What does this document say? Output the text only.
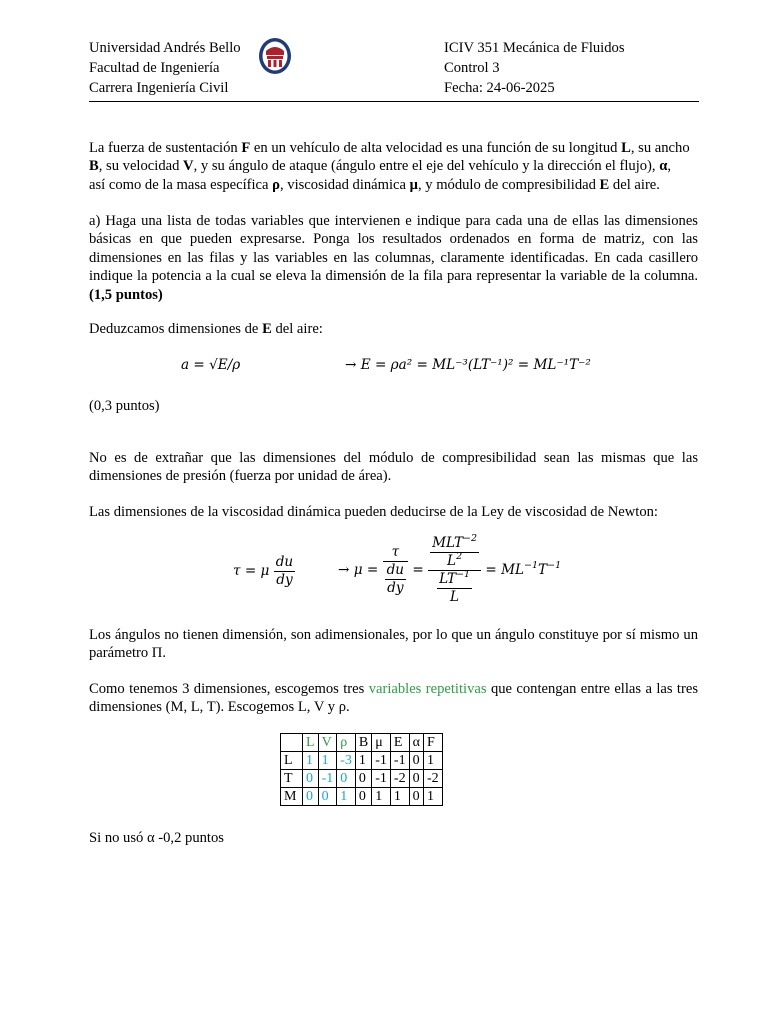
Universidad Andrés Bello
Facultad de Ingeniería
Carrera Ingeniería Civil
ICIV 351 Mecánica de Fluidos
Control 3
Fecha: 24-06-2025
La fuerza de sustentación F en un vehículo de alta velocidad es una función de su longitud L, su ancho
B, su velocidad V, y su ángulo de ataque (ángulo entre el eje del vehículo y la dirección el flujo), α,
así como de la masa específica ρ, viscosidad dinámica μ, y módulo de compresibilidad E del aire.
a) Haga una lista de todas variables que intervienen e indique para cada una de ellas las dimensiones básicas en que pueden expresarse. Ponga los resultados ordenados en forma de matriz, con las dimensiones en las filas y las variables en las columnas, claramente identificadas. En cada casillero indique la potencia a la cual se eleva la dimensión de la fila para representar la variable de la columna. (1,5 puntos)
Deduzcamos dimensiones de E del aire:
a = √E/ρ	→ E = ρa² = ML⁻³(LT⁻¹)² = ML⁻¹T⁻²
(0,3 puntos)
No es de extrañar que las dimensiones del módulo de compresibilidad sean las mismas que las dimensiones de presión (fuerza por unidad de área).
Las dimensiones de la viscosidad dinámica pueden deducirse de la Ley de viscosidad de Newton:
τ = μ $\frac{du}{dy}$	→ $\mu = \frac{\tau}{\frac{du}{dy}} = \frac{\frac{MLT^{-2}}{L^2}}{\frac{LT^{-1}}{L}} = ML^{-1}T^{-1}$
Los ángulos no tienen dimensión, son adimensionales, por lo que un ángulo constituye por sí mismo un parámetro Π.
Como tenemos 3 dimensiones, escogemos tres variables repetitivas que contengan entre ellas a las tres dimensiones (M, L, T). Escogemos L, V y ρ.
	L	V	ρ	B	μ	E	α	F
L	1	1	-3	1	-1	-1	0	1
T	0	-1	0	0	-1	-2	0	-2
M	0	0	1	0	1	1	0	1
Si no usó α -0,2 puntos
